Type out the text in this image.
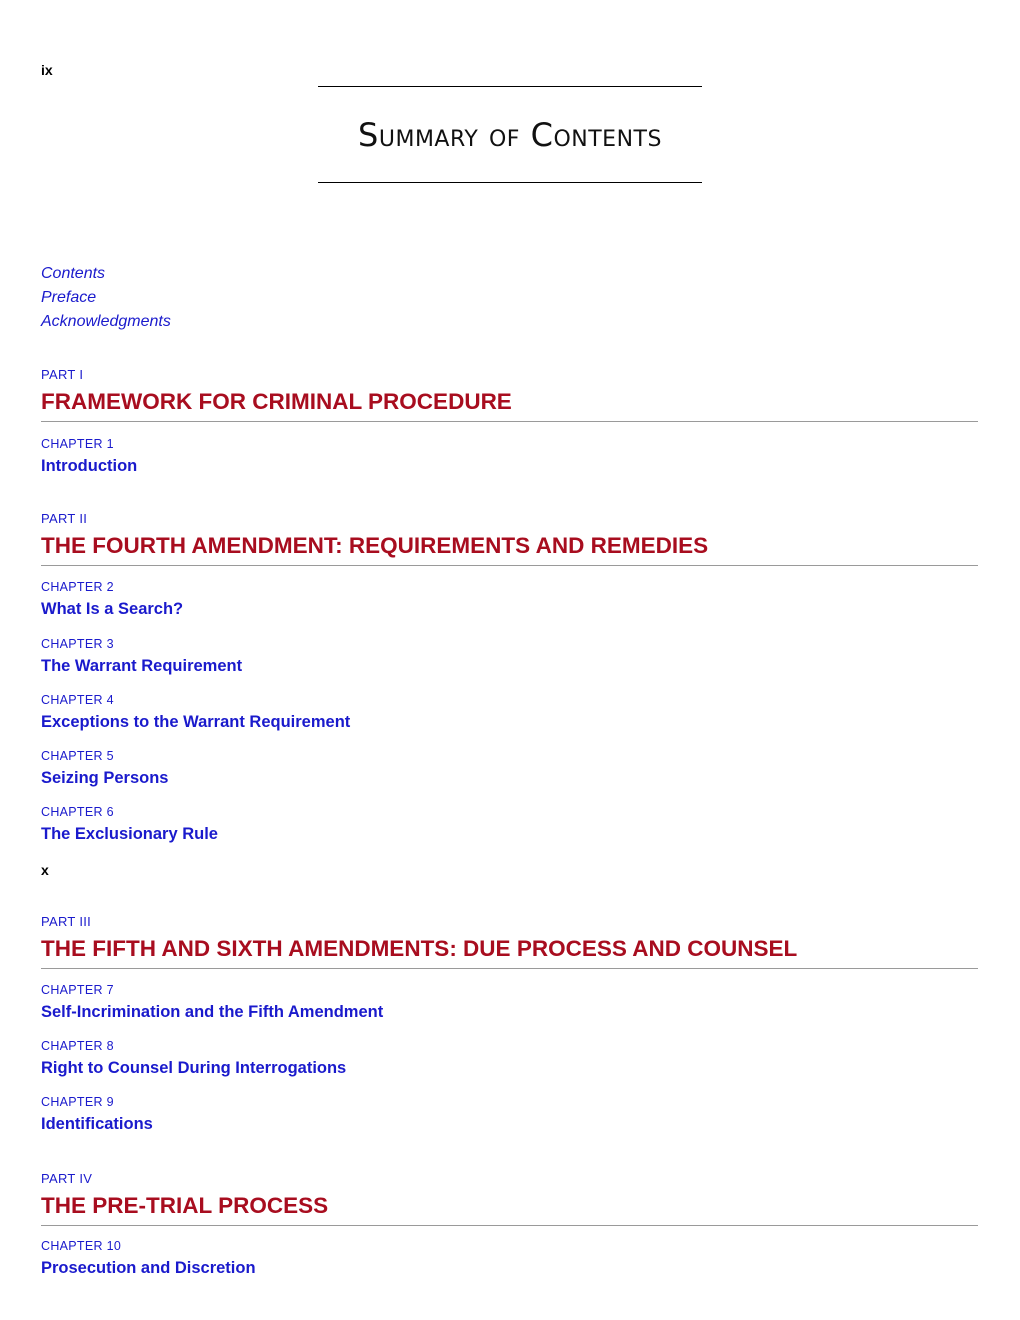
ix
Summary of Contents
Contents
Preface
Acknowledgments
PART I
FRAMEWORK FOR CRIMINAL PROCEDURE
CHAPTER 1
Introduction
PART II
THE FOURTH AMENDMENT: REQUIREMENTS AND REMEDIES
CHAPTER 2
What Is a Search?
CHAPTER 3
The Warrant Requirement
CHAPTER 4
Exceptions to the Warrant Requirement
CHAPTER 5
Seizing Persons
CHAPTER 6
The Exclusionary Rule
x
PART III
THE FIFTH AND SIXTH AMENDMENTS: DUE PROCESS AND COUNSEL
CHAPTER 7
Self-Incrimination and the Fifth Amendment
CHAPTER 8
Right to Counsel During Interrogations
CHAPTER 9
Identifications
PART IV
THE PRE-TRIAL PROCESS
CHAPTER 10
Prosecution and Discretion
